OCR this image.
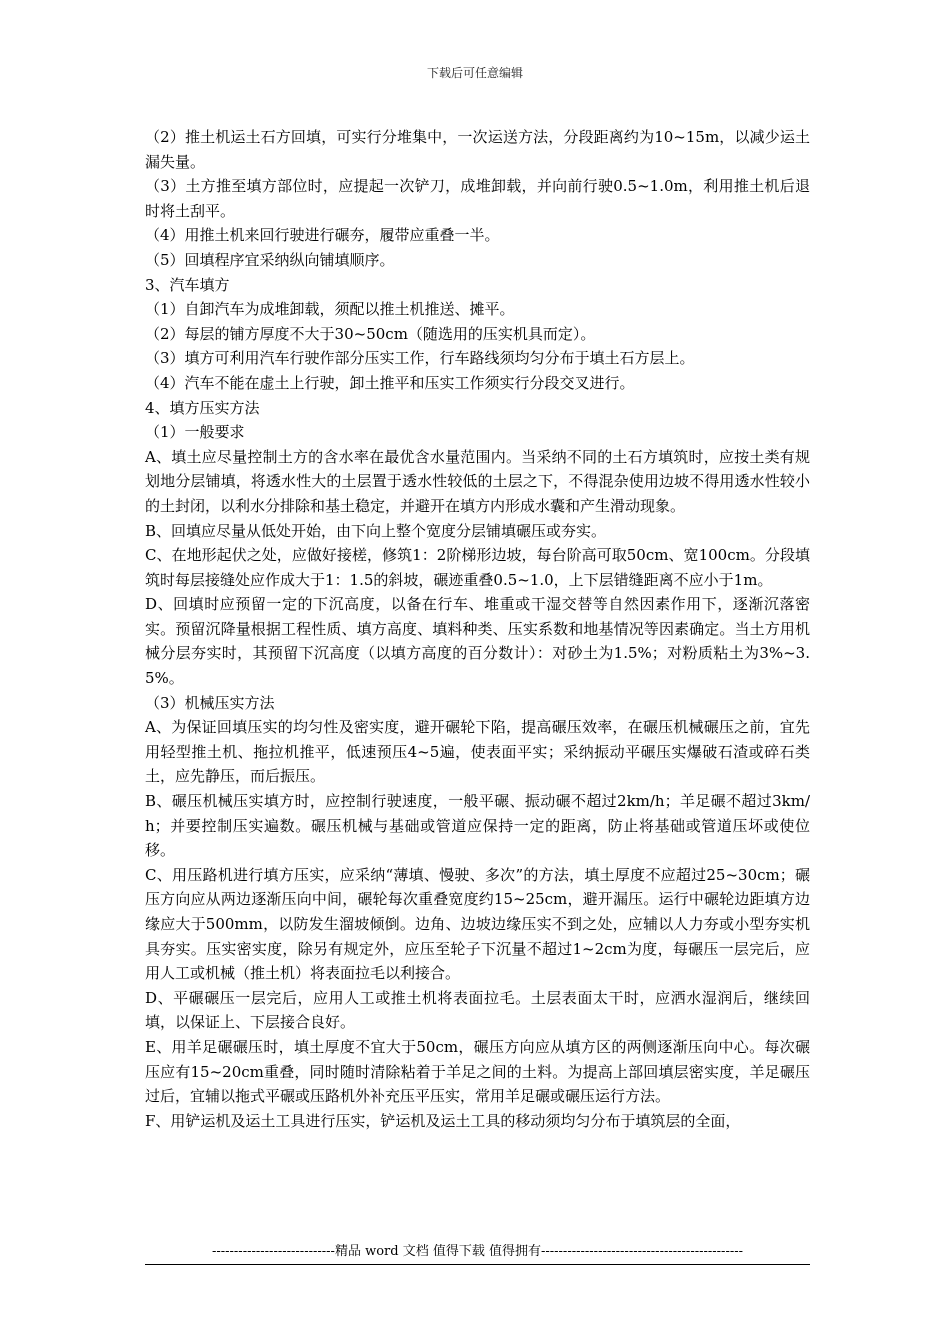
下载后可任意编辑

（2）推土机运土石方回填，可实行分堆集中，一次运送方法，分段距离约为10~15m，以减少运土漏失量。

（3）土方推至填方部位时，应提起一次铲刀，成堆卸载，并向前行驶0.5~1.0m，利用推土机后退时将土刮平。

（4）用推土机来回行驶进行碾夯，履带应重叠一半。

（5）回填程序宜采纳纵向铺填顺序。

3、汽车填方

（1）自卸汽车为成堆卸载，须配以推土机推送、摊平。

（2）每层的铺方厚度不大于30~50cm（随选用的压实机具而定）。

（3）填方可利用汽车行驶作部分压实工作，行车路线须均匀分布于填土石方层上。

（4）汽车不能在虚土上行驶，卸土推平和压实工作须实行分段交叉进行。

4、填方压实方法

（1）一般要求

A、填土应尽量控制土方的含水率在最优含水量范围内。当采纳不同的土石方填筑时，应按土类有规划地分层铺填，将透水性大的土层置于透水性较低的土层之下，不得混杂使用边坡不得用透水性较小的土封闭，以利水分排除和基土稳定，并避开在填方内形成水囊和产生滑动现象。

B、回填应尽量从低处开始，由下向上整个宽度分层铺填碾压或夯实。

C、在地形起伏之处，应做好接槎，修筑1：2阶梯形边坡，每台阶高可取50cm、宽100cm。分段填筑时每层接缝处应作成大于1：1.5的斜坡，碾迹重叠0.5~1.0，上下层错缝距离不应小于1m。

D、回填时应预留一定的下沉高度，以备在行车、堆重或干湿交替等自然因素作用下，逐渐沉落密实。预留沉降量根据工程性质、填方高度、填料种类、压实系数和地基情况等因素确定。当土方用机械分层夯实时，其预留下沉高度（以填方高度的百分数计）：对砂土为1.5%；对粉质粘土为3%~3.5%。

（3）机械压实方法

A、为保证回填压实的均匀性及密实度，避开碾轮下陷，提高碾压效率，在碾压机械碾压之前，宜先用轻型推土机、拖拉机推平，低速预压4~5遍，使表面平实；采纳振动平碾压实爆破石渣或碎石类土，应先静压，而后振压。

B、碾压机械压实填方时，应控制行驶速度，一般平碾、振动碾不超过2km/h；羊足碾不超过3km/h；并要控制压实遍数。碾压机械与基础或管道应保持一定的距离，防止将基础或管道压坏或使位移。

C、用压路机进行填方压实，应采纳“薄填、慢驶、多次”的方法，填土厚度不应超过25~30cm；碾压方向应从两边逐渐压向中间，碾轮每次重叠宽度约15~25cm，避开漏压。运行中碾轮边距填方边缘应大于500mm，以防发生溜坡倾倒。边角、边坡边缘压实不到之处，应辅以人力夯或小型夯实机具夯实。压实密实度，除另有规定外，应压至轮子下沉量不超过1~2cm为度，每碾压一层完后，应用人工或机械（推土机）将表面拉毛以利接合。

D、平碾碾压一层完后，应用人工或推土机将表面拉毛。土层表面太干时，应洒水湿润后，继续回填，以保证上、下层接合良好。

E、用羊足碾碾压时，填土厚度不宜大于50cm，碾压方向应从填方区的两侧逐渐压向中心。每次碾压应有15~20cm重叠，同时随时清除粘着于羊足之间的土料。为提高上部回填层密实度，羊足碾压过后，宜辅以拖式平碾或压路机外补充压平压实，常用羊足碾或碾压运行方法。

F、用铲运机及运土工具进行压实，铲运机及运土工具的移动须均匀分布于填筑层的全面，

----------------------------精品 word 文档 值得下载 值得拥有----------------------------------------------
